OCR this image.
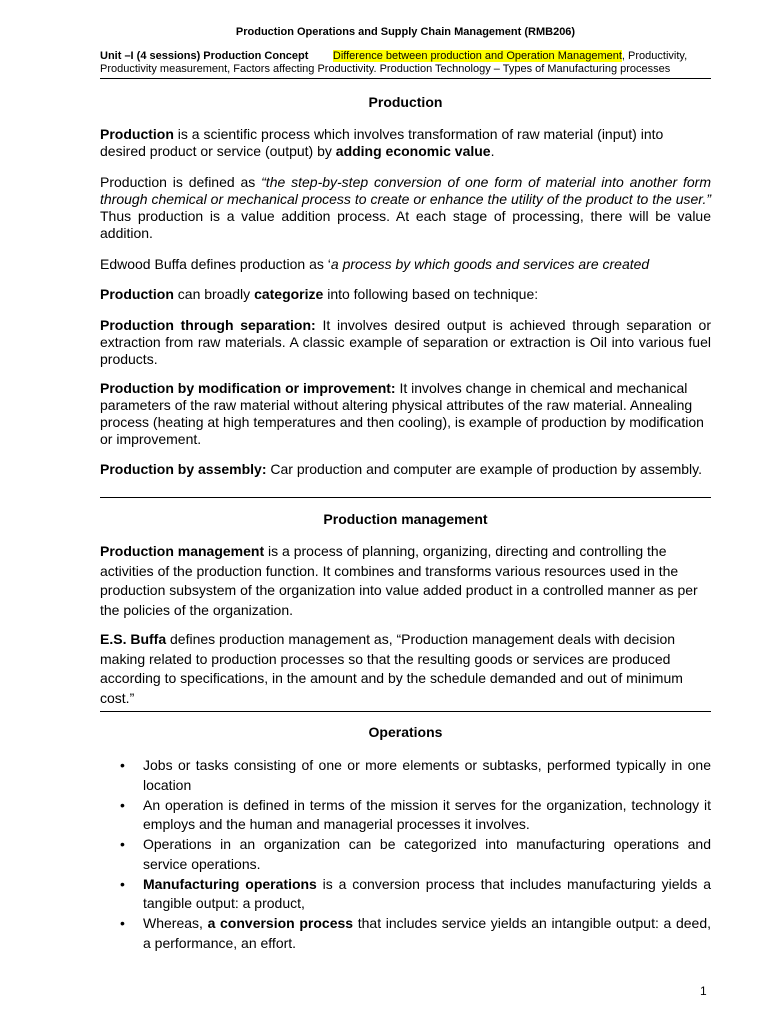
Production Operations and Supply Chain Management (RMB206)
Unit –I (4 sessions) Production Concept Difference between production and Operation Management, Productivity, Productivity measurement, Factors affecting Productivity. Production Technology – Types of Manufacturing processes
Production

Production is a scientific process which involves transformation of raw material (input) into desired product or service (output) by adding economic value.

Production is defined as “the step-by-step conversion of one form of material into another form through chemical or mechanical process to create or enhance the utility of the product to the user.” Thus production is a value addition process. At each stage of processing, there will be value addition.

Edwood Buffa defines production as ‘a process by which goods and services are created

Production can broadly categorize into following based on technique:

Production through separation: It involves desired output is achieved through separation or extraction from raw materials. A classic example of separation or extraction is Oil into various fuel products.

Production by modification or improvement: It involves change in chemical and mechanical parameters of the raw material without altering physical attributes of the raw material. Annealing process (heating at high temperatures and then cooling), is example of production by modification or improvement.

Production by assembly: Car production and computer are example of production by assembly.

Production management

Production management is a process of planning, organizing, directing and controlling the activities of the production function. It combines and transforms various resources used in the production subsystem of the organization into value added product in a controlled manner as per the policies of the organization.

E.S. Buffa defines production management as, “Production management deals with decision making related to production processes so that the resulting goods or services are produced according to specifications, in the amount and by the schedule demanded and out of minimum cost.”

Operations
• Jobs or tasks consisting of one or more elements or subtasks, performed typically in one location
• An operation is defined in terms of the mission it serves for the organization, technology it employs and the human and managerial processes it involves.
• Operations in an organization can be categorized into manufacturing operations and service operations.
• Manufacturing operations is a conversion process that includes manufacturing yields a tangible output: a product,
• Whereas, a conversion process that includes service yields an intangible output: a deed, a performance, an effort.
1
